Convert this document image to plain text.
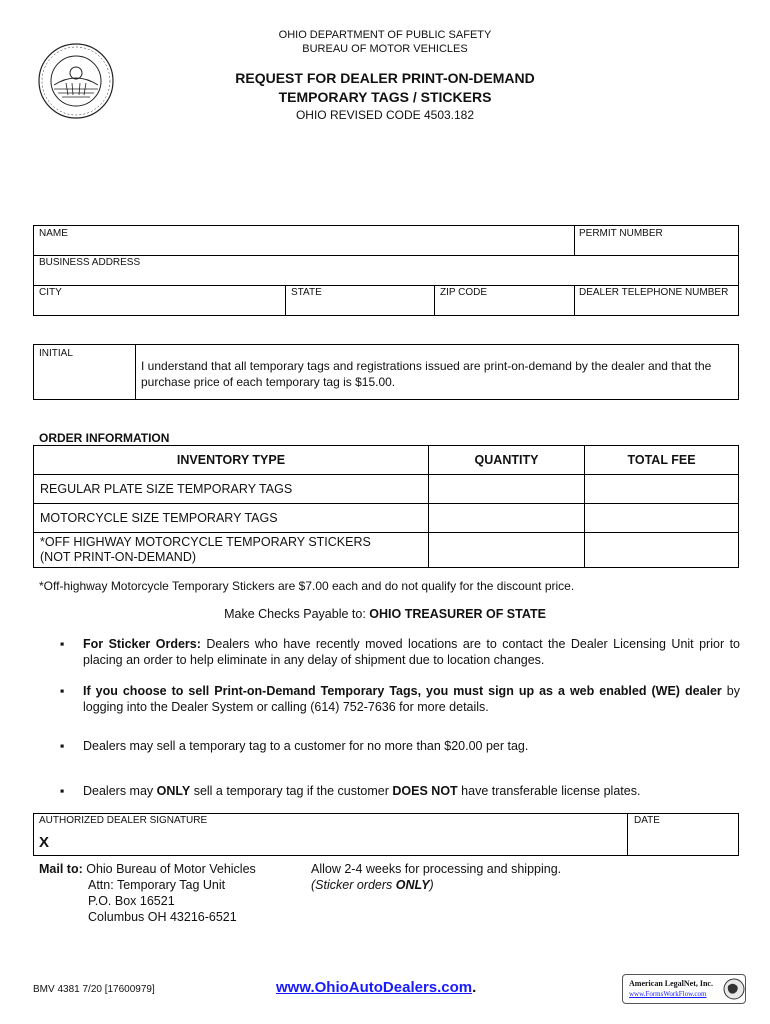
OHIO DEPARTMENT OF PUBLIC SAFETY
BUREAU OF MOTOR VEHICLES
REQUEST FOR DEALER PRINT-ON-DEMAND
TEMPORARY TAGS / STICKERS
OHIO REVISED CODE 4503.182
NAME	PERMIT NUMBER
BUSINESS ADDRESS
CITY	STATE	ZIP CODE	DEALER TELEPHONE NUMBER
INITIAL
I understand that all temporary tags and registrations issued are print-on-demand by the dealer and that the purchase price of each temporary tag is $15.00.
ORDER INFORMATION
INVENTORY TYPE	QUANTITY	TOTAL FEE
REGULAR PLATE SIZE TEMPORARY TAGS		
MOTORCYCLE SIZE TEMPORARY TAGS		
*OFF HIGHWAY MOTORCYCLE TEMPORARY STICKERS
(NOT PRINT-ON-DEMAND)		
*Off-highway Motorcycle Temporary Stickers are $7.00 each and do not qualify for the discount price.
Make Checks Payable to: OHIO TREASURER OF STATE
▪ For Sticker Orders: Dealers who have recently moved locations are to contact the Dealer Licensing Unit prior to placing an order to help eliminate in any delay of shipment due to location changes.
▪ If you choose to sell Print-on-Demand Temporary Tags, you must sign up as a web enabled (WE) dealer by logging into the Dealer System or calling (614) 752-7636 for more details.
▪ Dealers may sell a temporary tag to a customer for no more than $20.00 per tag.
▪ Dealers may ONLY sell a temporary tag if the customer DOES NOT have transferable license plates.
AUTHORIZED DEALER SIGNATURE
X
DATE
Mail to: Ohio Bureau of Motor Vehicles
Attn: Temporary Tag Unit
P.O. Box 16521
Columbus OH 43216-6521
Allow 2-4 weeks for processing and shipping.
(Sticker orders ONLY)
BMV 4381 7/20 [17600979]	www.OhioAutoDealers.com.	American LegalNet, Inc.
www.FormsWorkFlow.com
